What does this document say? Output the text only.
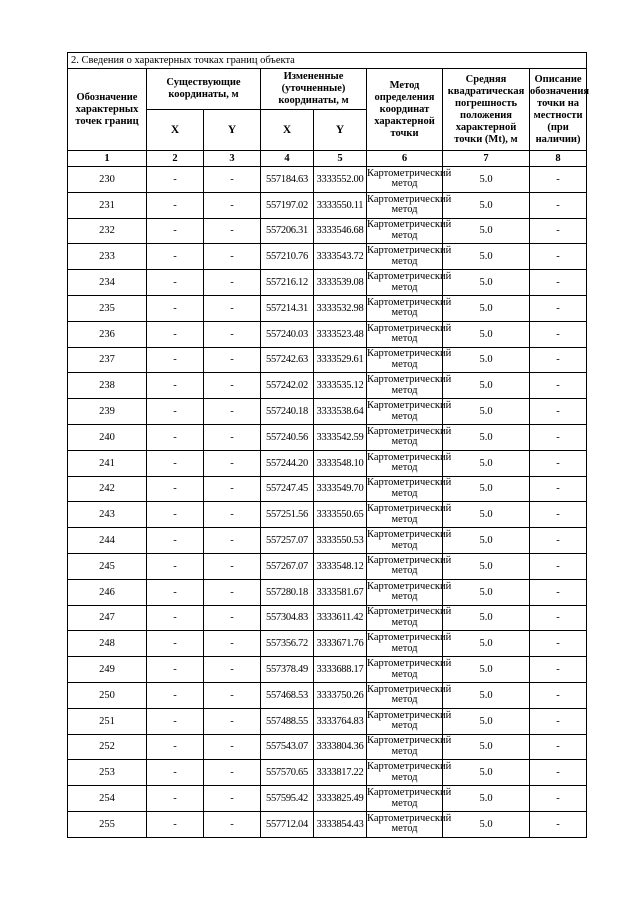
2. Сведения о характерных точках границ объекта							
Обозначение характерных точек границ	Существующие координаты, м		Измененные (уточненные) координаты, м		Метод определения координат характерной точки	Средняя квадратическая погрешность положения характерной точки (Mt), м	Описание обозначения точки на местности (при наличии)
	X	Y	X	Y			
1	2	3	4	5	6	7	8
230	-	-	557184.63	3333552.00	Картометрический метод	5.0	-
231	-	-	557197.02	3333550.11	Картометрический метод	5.0	-
232	-	-	557206.31	3333546.68	Картометрический метод	5.0	-
233	-	-	557210.76	3333543.72	Картометрический метод	5.0	-
234	-	-	557216.12	3333539.08	Картометрический метод	5.0	-
235	-	-	557214.31	3333532.98	Картометрический метод	5.0	-
236	-	-	557240.03	3333523.48	Картометрический метод	5.0	-
237	-	-	557242.63	3333529.61	Картометрический метод	5.0	-
238	-	-	557242.02	3333535.12	Картометрический метод	5.0	-
239	-	-	557240.18	3333538.64	Картометрический метод	5.0	-
240	-	-	557240.56	3333542.59	Картометрический метод	5.0	-
241	-	-	557244.20	3333548.10	Картометрический метод	5.0	-
242	-	-	557247.45	3333549.70	Картометрический метод	5.0	-
243	-	-	557251.56	3333550.65	Картометрический метод	5.0	-
244	-	-	557257.07	3333550.53	Картометрический метод	5.0	-
245	-	-	557267.07	3333548.12	Картометрический метод	5.0	-
246	-	-	557280.18	3333581.67	Картометрический метод	5.0	-
247	-	-	557304.83	3333611.42	Картометрический метод	5.0	-
248	-	-	557356.72	3333671.76	Картометрический метод	5.0	-
249	-	-	557378.49	3333688.17	Картометрический метод	5.0	-
250	-	-	557468.53	3333750.26	Картометрический метод	5.0	-
251	-	-	557488.55	3333764.83	Картометрический метод	5.0	-
252	-	-	557543.07	3333804.36	Картометрический метод	5.0	-
253	-	-	557570.65	3333817.22	Картометрический метод	5.0	-
254	-	-	557595.42	3333825.49	Картометрический метод	5.0	-
255	-	-	557712.04	3333854.43	Картометрический метод	5.0	-
